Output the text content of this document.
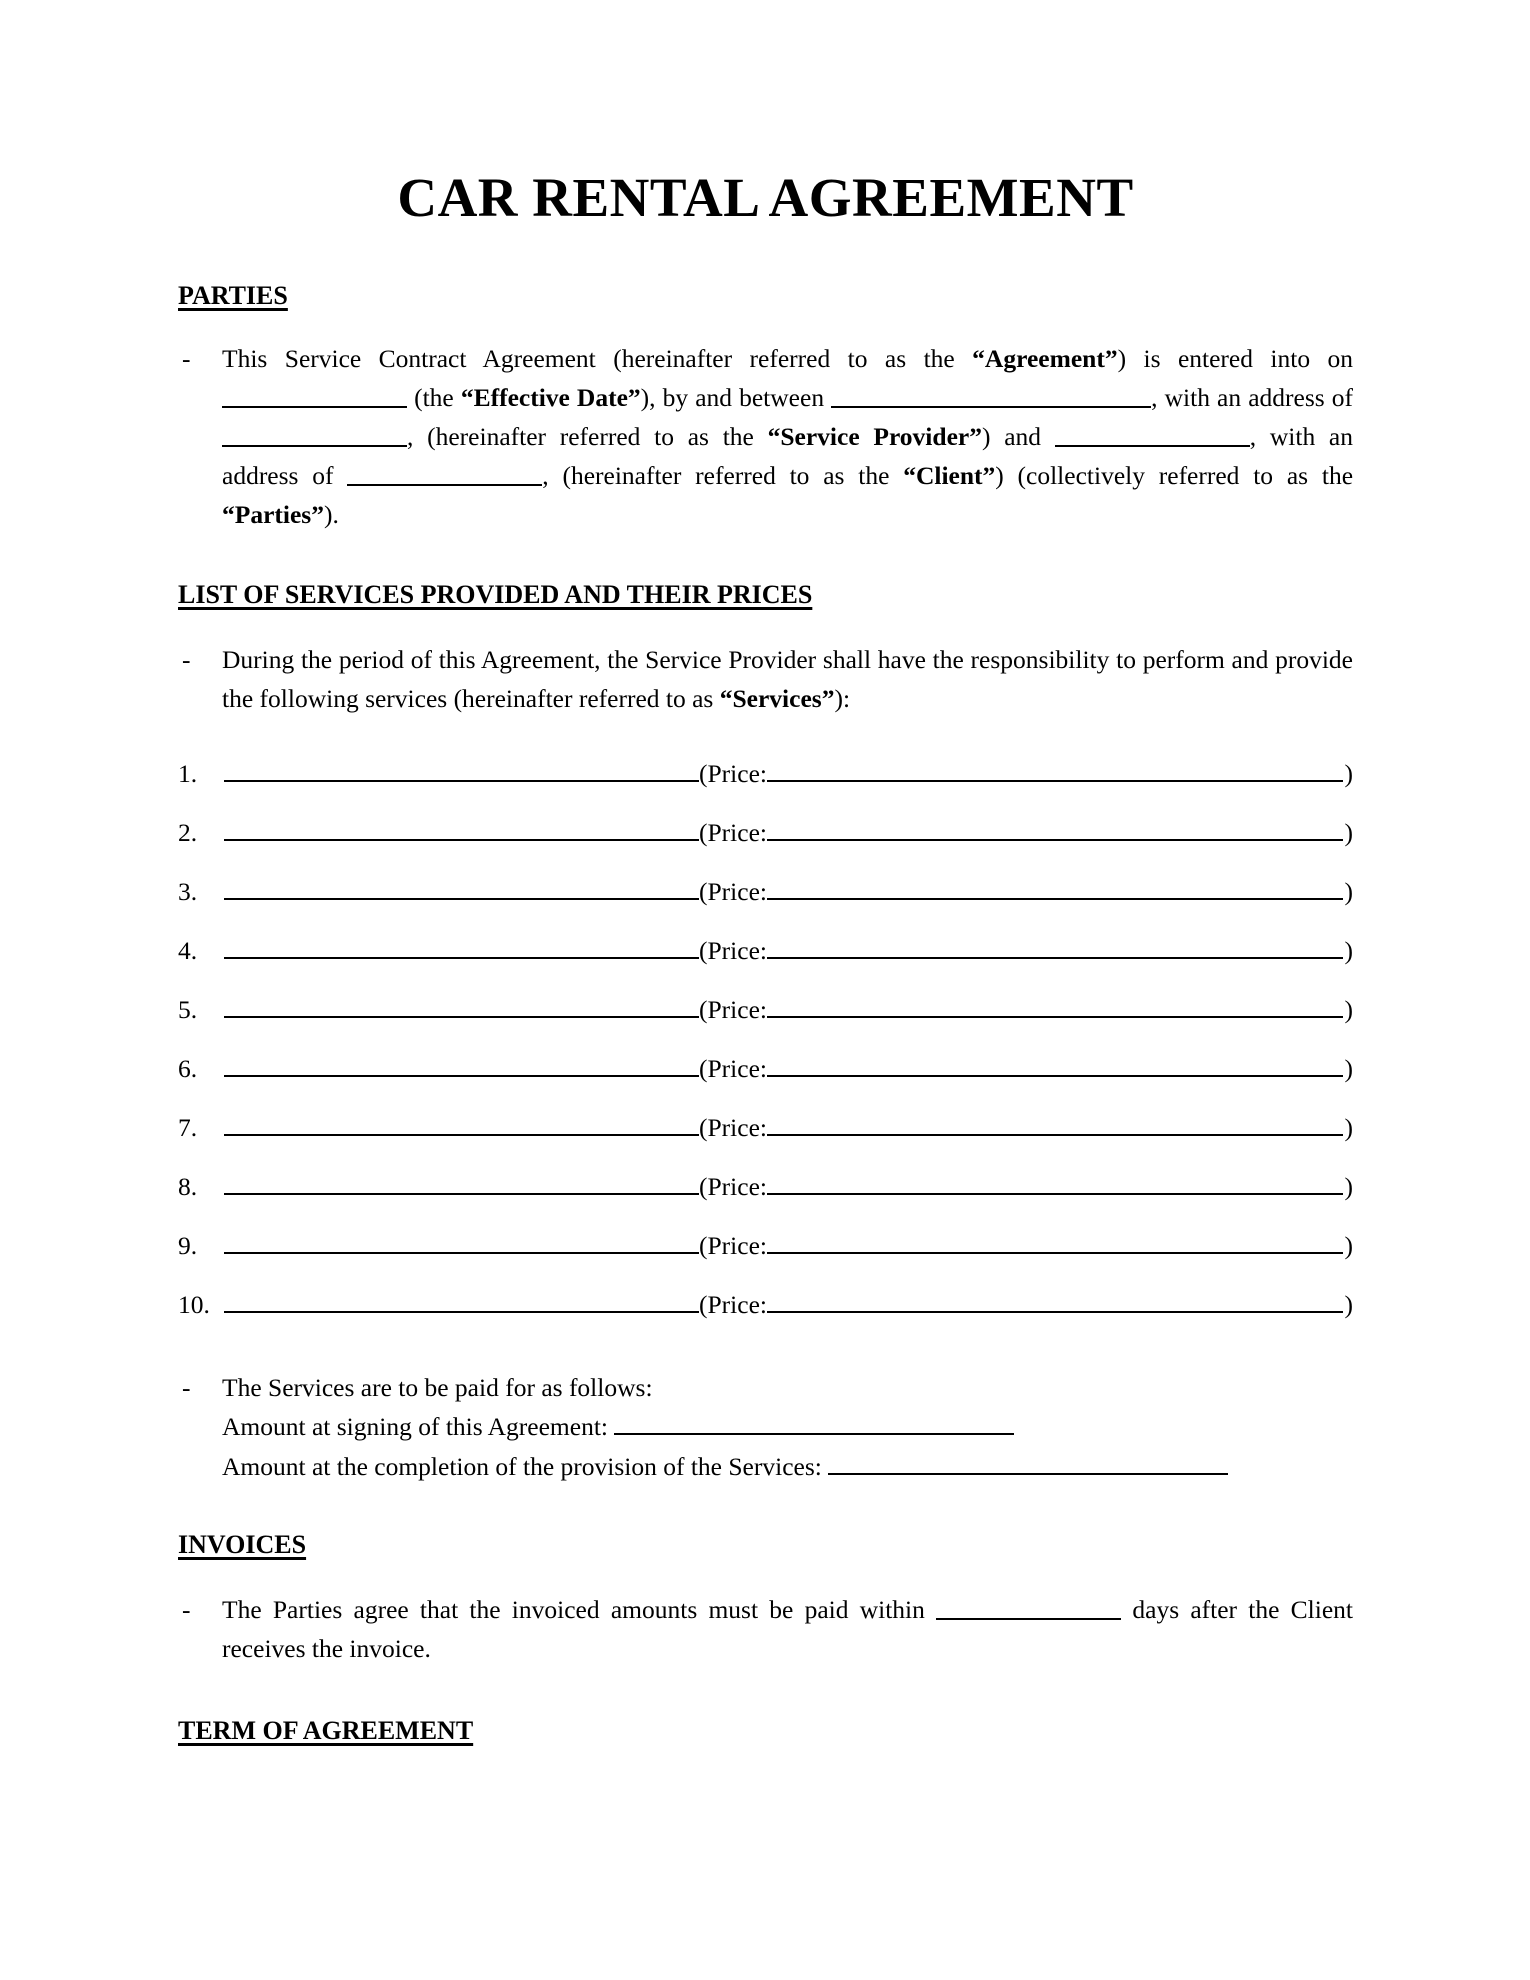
CAR RENTAL AGREEMENT
PARTIES
-	This Service Contract Agreement (hereinafter referred to as the “Agreement”) is entered into on  (the “Effective Date”), by and between	, with an address of , (hereinafter referred to as the “Service Provider”) and	, with an address of	, (hereinafter referred to as the “Client”) (collectively referred to as the “Parties”).
LIST OF SERVICES PROVIDED AND THEIR PRICES
-	During the period of this Agreement, the Service Provider shall have the responsibility to perform and provide the following services (hereinafter referred to as “Services”):
1.	(Price:	)
2.	(Price:	)
3.	(Price:	)
4.	(Price:	)
5.	(Price:	)
6.	(Price:	)
7.	(Price:	)
8.	(Price:	)
9.	(Price:	)
10.	(Price:	)
-	The Services are to be paid for as follows:
Amount at signing of this Agreement:
Amount at the completion of the provision of the Services:
INVOICES
-	The Parties agree that the invoiced amounts must be paid within	days after the Client receives the invoice.
TERM OF AGREEMENT
